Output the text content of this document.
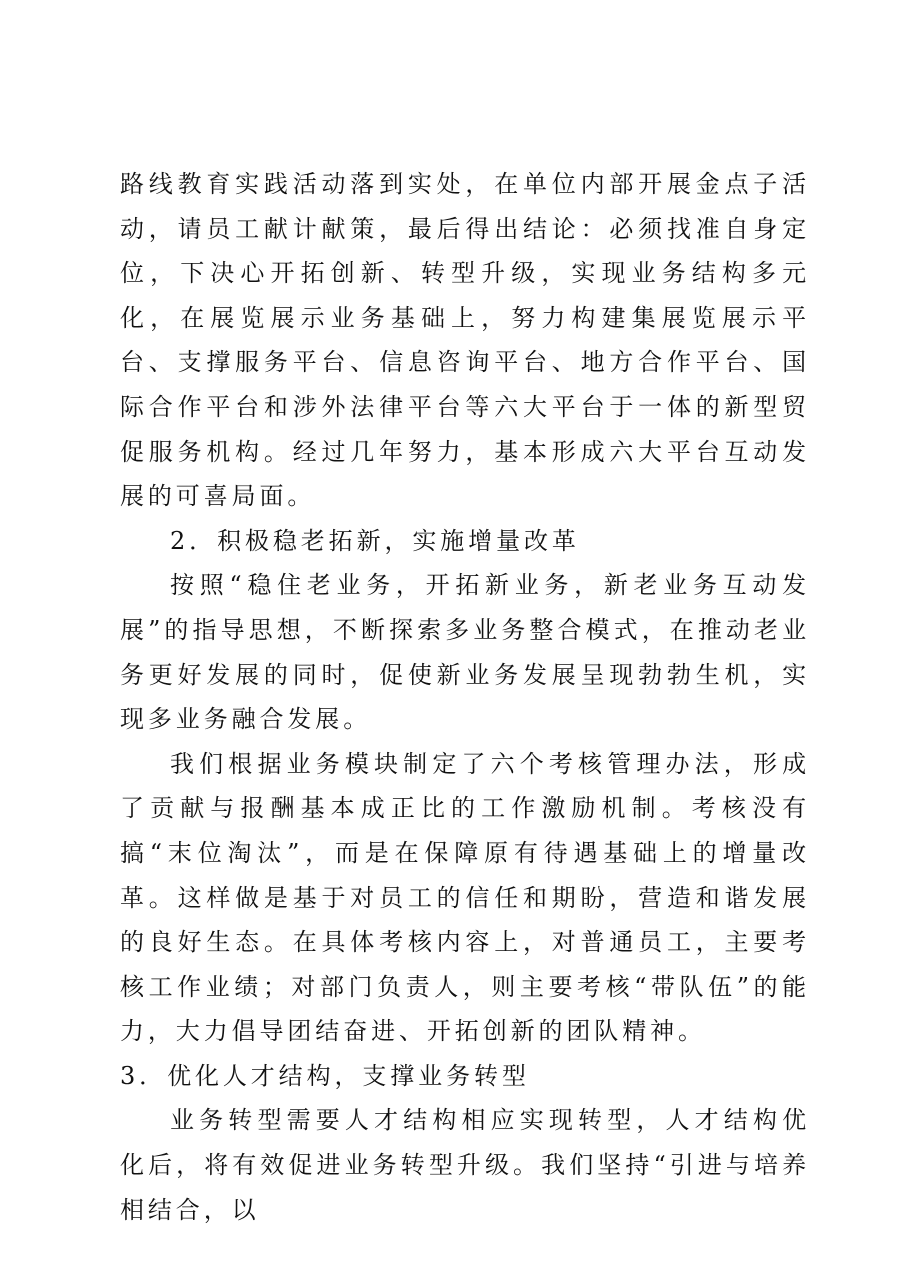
路线教育实践活动落到实处，在单位内部开展金点子活动，请员工献计献策，最后得出结论：必须找准自身定位，下决心开拓创新、转型升级，实现业务结构多元化，在展览展示业务基础上，努力构建集展览展示平台、支撑服务平台、信息咨询平台、地方合作平台、国际合作平台和涉外法律平台等六大平台于一体的新型贸促服务机构。经过几年努力，基本形成六大平台互动发展的可喜局面。

2．积极稳老拓新，实施增量改革

按照“稳住老业务，开拓新业务，新老业务互动发展”的指导思想，不断探索多业务整合模式，在推动老业务更好发展的同时，促使新业务发展呈现勃勃生机，实现多业务融合发展。

我们根据业务模块制定了六个考核管理办法，形成了贡献与报酬基本成正比的工作激励机制。考核没有搞“末位淘汰”，而是在保障原有待遇基础上的增量改革。这样做是基于对员工的信任和期盼，营造和谐发展的良好生态。在具体考核内容上，对普通员工，主要考核工作业绩；对部门负责人，则主要考核“带队伍”的能力，大力倡导团结奋进、开拓创新的团队精神。

3．优化人才结构，支撑业务转型

业务转型需要人才结构相应实现转型，人才结构优化后，将有效促进业务转型升级。我们坚持“引进与培养相结合，以
